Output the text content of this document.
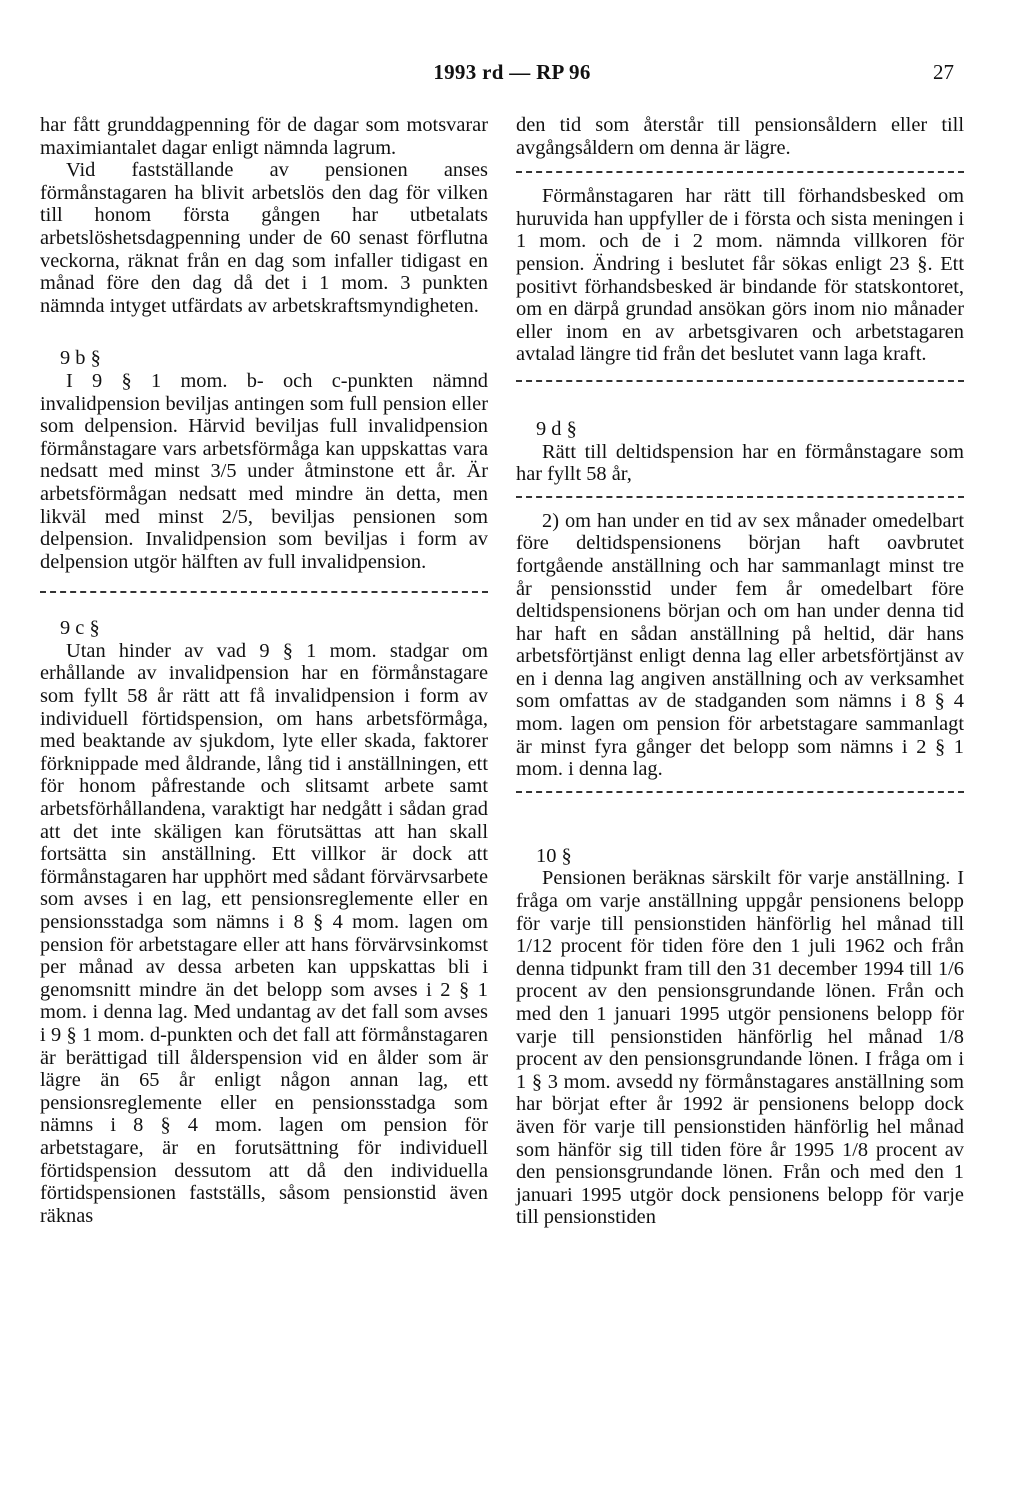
1993 rd — RP 96	27

har fått grunddagpenning för de dagar som motsvarar maximiantalet dagar enligt nämnda lagrum.

Vid fastställande av pensionen anses förmånstagaren ha blivit arbetslös den dag för vilken till honom första gången har utbetalats arbetslöshetsdagpenning under de 60 senast förflutna veckorna, räknat från en dag som infaller tidigast en månad före den dag då det i 1 mom. 3 punkten nämnda intyget utfärdats av arbetskraftsmyndigheten.

9 b §

I 9 § 1 mom. b- och c-punkten nämnd invalidpension beviljas antingen som full pension eller som delpension. Härvid beviljas full invalidpension förmånstagare vars arbetsförmåga kan uppskattas vara nedsatt med minst 3/5 under åtminstone ett år. Är arbetsförmågan nedsatt med mindre än detta, men likväl med minst 2/5, beviljas pensionen som delpension. Invalidpension som beviljas i form av delpension utgör hälften av full invalidpension.

9 c §

Utan hinder av vad 9 § 1 mom. stadgar om erhållande av invalidpension har en förmånstagare som fyllt 58 år rätt att få invalidpension i form av individuell förtidspension, om hans arbetsförmåga, med beaktande av sjukdom, lyte eller skada, faktorer förknippade med åldrande, lång tid i anställningen, ett för honom påfrestande och slitsamt arbete samt arbetsförhållandena, varaktigt har nedgått i sådan grad att det inte skäligen kan förutsättas att han skall fortsätta sin anställning. Ett villkor är dock att förmånstagaren har upphört med sådant förvärvsarbete som avses i en lag, ett pensionsreglemente eller en pensionsstadga som nämns i 8 § 4 mom. lagen om pension för arbetstagare eller att hans förvärvsinkomst per månad av dessa arbeten kan uppskattas bli i genomsnitt mindre än det belopp som avses i 2 § 1 mom. i denna lag. Med undantag av det fall som avses i 9 § 1 mom. d-punkten och det fall att förmånstagaren är berättigad till ålderspension vid en ålder som är lägre än 65 år enligt någon annan lag, ett pensionsreglemente eller en pensionsstadga som nämns i 8 § 4 mom. lagen om pension för arbetstagare, är en forutsättning för individuell förtidspension dessutom att då den individuella förtidspensionen fastställs, såsom pensionstid även räknas

den tid som återstår till pensionsåldern eller till avgångsåldern om denna är lägre.

Förmånstagaren har rätt till förhandsbesked om huruvida han uppfyller de i första och sista meningen i 1 mom. och de i 2 mom. nämnda villkoren för pension. Ändring i beslutet får sökas enligt 23 §. Ett positivt förhandsbesked är bindande för statskontoret, om en därpå grundad ansökan görs inom nio månader eller inom en av arbetsgivaren och arbetstagaren avtalad längre tid från det beslutet vann laga kraft.

9 d §

Rätt till deltidspension har en förmånstagare som har fyllt 58 år,

2) om han under en tid av sex månader omedelbart före deltidspensionens början haft oavbrutet fortgående anställning och har sammanlagt minst tre år pensionsstid under fem år omedelbart före deltidspensionens början och om han under denna tid har haft en sådan anställning på heltid, där hans arbetsförtjänst enligt denna lag eller arbetsförtjänst av en i denna lag angiven anställning och av verksamhet som omfattas av de stadganden som nämns i 8 § 4 mom. lagen om pension för arbetstagare sammanlagt är minst fyra gånger det belopp som nämns i 2 § 1 mom. i denna lag.

10 §

Pensionen beräknas särskilt för varje anställning. I fråga om varje anställning uppgår pensionens belopp för varje till pensionstiden hänförlig hel månad till 1/12 procent för tiden före den 1 juli 1962 och från denna tidpunkt fram till den 31 december 1994 till 1/6 procent av den pensionsgrundande lönen. Från och med den 1 januari 1995 utgör pensionens belopp för varje till pensionstiden hänförlig hel månad 1/8 procent av den pensionsgrundande lönen. I fråga om i 1 § 3 mom. avsedd ny förmånstagares anställning som har börjat efter år 1992 är pensionens belopp dock även för varje till pensionstiden hänförlig hel månad som hänför sig till tiden före år 1995 1/8 procent av den pensionsgrundande lönen. Från och med den 1 januari 1995 utgör dock pensionens belopp för varje till pensionstiden
